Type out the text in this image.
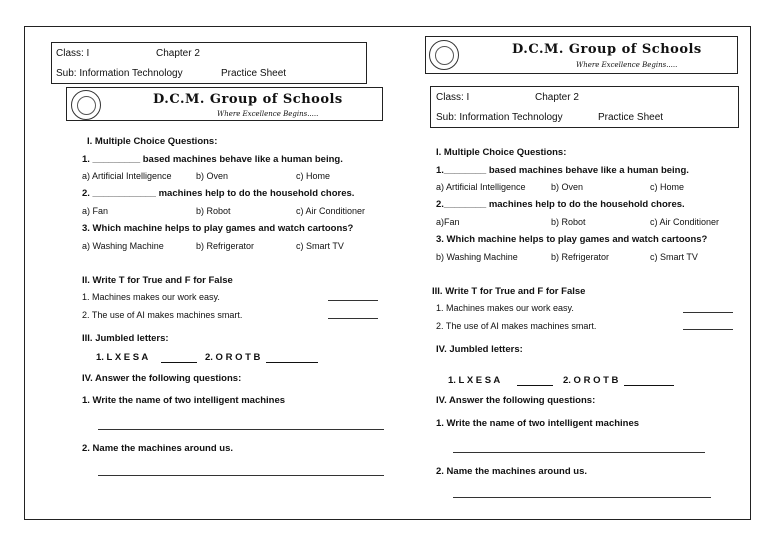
Class: I	Chapter 2
Sub: Information Technology	Practice Sheet
D.C.M. Group of Schools
Where Excellence Begins.....
I. Multiple Choice Questions:
1. _________ based machines behave like a human being.
a) Artificial Intelligence	b) Oven	c) Home
2. ____________ machines help to do the household chores.
a) Fan	b) Robot	c) Air Conditioner
3. Which machine helps to play games and watch cartoons?
a) Washing Machine	b) Refrigerator	c) Smart TV
II. Write T for True and F for False
1. Machines makes our work easy.
2. The use of AI makes machines smart.
III. Jumbled letters:
1. L X E S A	2. O R O T B
IV. Answer the following questions:
1. Write the name of two intelligent machines
2. Name the machines around us.
D.C.M. Group of Schools
Where Excellence Begins.....
Class: I	Chapter 2
Sub: Information Technology	Practice Sheet
I. Multiple Choice Questions:
1.________ based machines behave like a human being.
a) Artificial Intelligence	b) Oven	c) Home
2.________ machines help to do the household chores.
a)Fan	b) Robot	c) Air Conditioner
3. Which machine helps to play games and watch cartoons?
b) Washing Machine	b) Refrigerator	c) Smart TV
III. Write T for True and F for False
1. Machines makes our work easy.
2. The use of AI makes machines smart.
IV. Jumbled letters:
1. L X E S A	2. O R O T B
IV. Answer the following questions:
1. Write the name of two intelligent machines
2. Name the machines around us.
